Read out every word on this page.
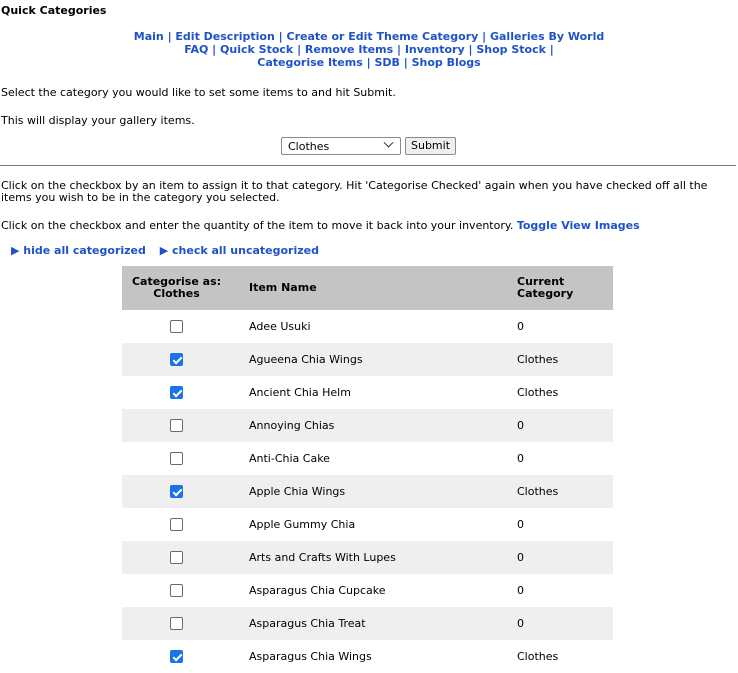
Quick Categories
Main | Edit Description | Create or Edit Theme Category | Galleries By World
FAQ | Quick Stock | Remove Items | Inventory | Shop Stock |
Categorise Items | SDB | Shop Blogs
Select the category you would like to set some items to and hit Submit.
This will display your gallery items.
Clothes	Submit
Click on the checkbox by an item to assign it to that category. Hit 'Categorise Checked' again when you have checked off all the
items you wish to be in the category you selected.
Click on the checkbox and enter the quantity of the item to move it back into your inventory. Toggle View Images
▶ hide all categorized ▶ check all uncategorized
Categorise as:
Clothes	Item Name	Current Category
	Adee Usuki	0
	Agueena Chia Wings	Clothes
	Ancient Chia Helm	Clothes
	Annoying Chias	0
	Anti-Chia Cake	0
	Apple Chia Wings	Clothes
	Apple Gummy Chia	0
	Arts and Crafts With Lupes	0
	Asparagus Chia Cupcake	0
	Asparagus Chia Treat	0
	Asparagus Chia Wings	Clothes
